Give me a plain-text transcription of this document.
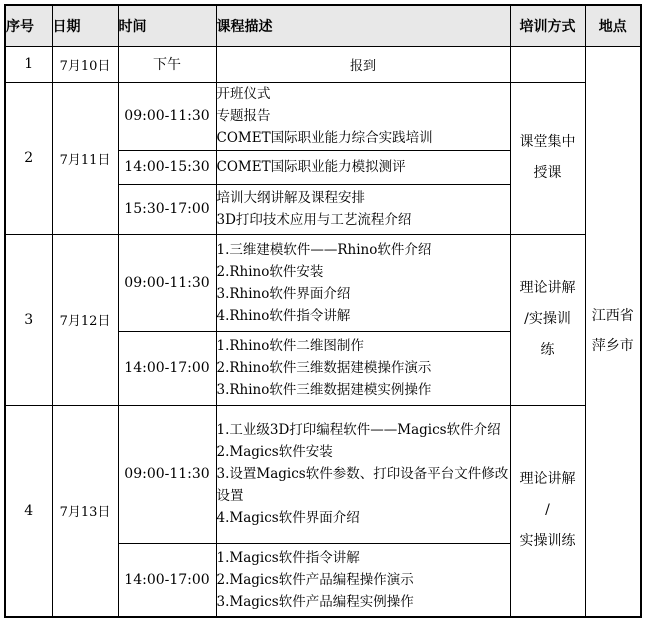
序号	日期	时间	课程描述	培训方式	地点
1	7月10日	下午	报到		江西省
萍乡市

2	7月11日	09:00-11:30	开班仪式
专题报告
COMET国际职业能力综合实践培训	课堂集中
授课	

		14:00-15:30	COMET国际职业能力模拟测评		

		15:30-17:00	培训大纲讲解及课程安排
3D打印技术应用与工艺流程介绍		

3	7月12日	09:00-11:30	1.三维建模软件——Rhino软件介绍
2.Rhino软件安装
3.Rhino软件界面介绍
4.Rhino软件指令讲解	理论讲解
/实操训
练	

		14:00-17:00	1.Rhino软件二维图制作
2.Rhino软件三维数据建模操作演示
3.Rhino软件三维数据建模实例操作		

4	7月13日	09:00-11:30	1.工业级3D打印编程软件——Magics软件介绍
2.Magics软件安装
3.设置Magics软件参数、打印设备平台文件修改设置
4.Magics软件界面介绍	理论讲解
/
实操训练	

		14:00-17:00	1.Magics软件指令讲解
2.Magics软件产品编程操作演示
3.Magics软件产品编程实例操作		
